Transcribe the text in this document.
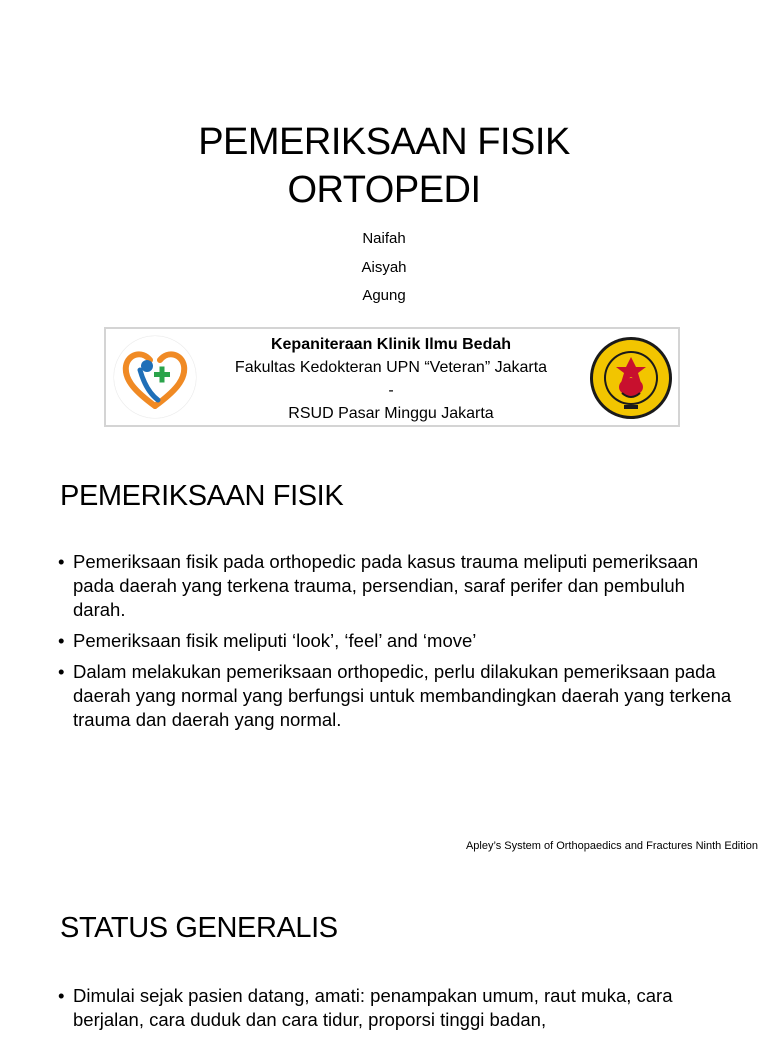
PEMERIKSAAN FISIK
ORTOPEDI
Naifah
Aisyah
Agung
Kepaniteraan Klinik Ilmu Bedah
Fakultas Kedokteran UPN “Veteran” Jakarta
-
RSUD Pasar Minggu Jakarta
PEMERIKSAAN FISIK
• Pemeriksaan fisik pada orthopedic pada kasus trauma meliputi pemeriksaan pada daerah yang terkena trauma, persendian, saraf perifer dan pembuluh darah.
• Pemeriksaan fisik meliputi ‘look’, ‘feel’ and ‘move’
• Dalam melakukan pemeriksaan orthopedic, perlu dilakukan pemeriksaan pada daerah yang normal yang berfungsi untuk membandingkan daerah yang terkena trauma dan daerah yang normal.
Apley’s System of Orthopaedics and Fractures Ninth Edition
STATUS GENERALIS
• Dimulai sejak pasien datang, amati: penampakan umum, raut muka, cara berjalan, cara duduk dan cara tidur, proporsi tinggi badan,
